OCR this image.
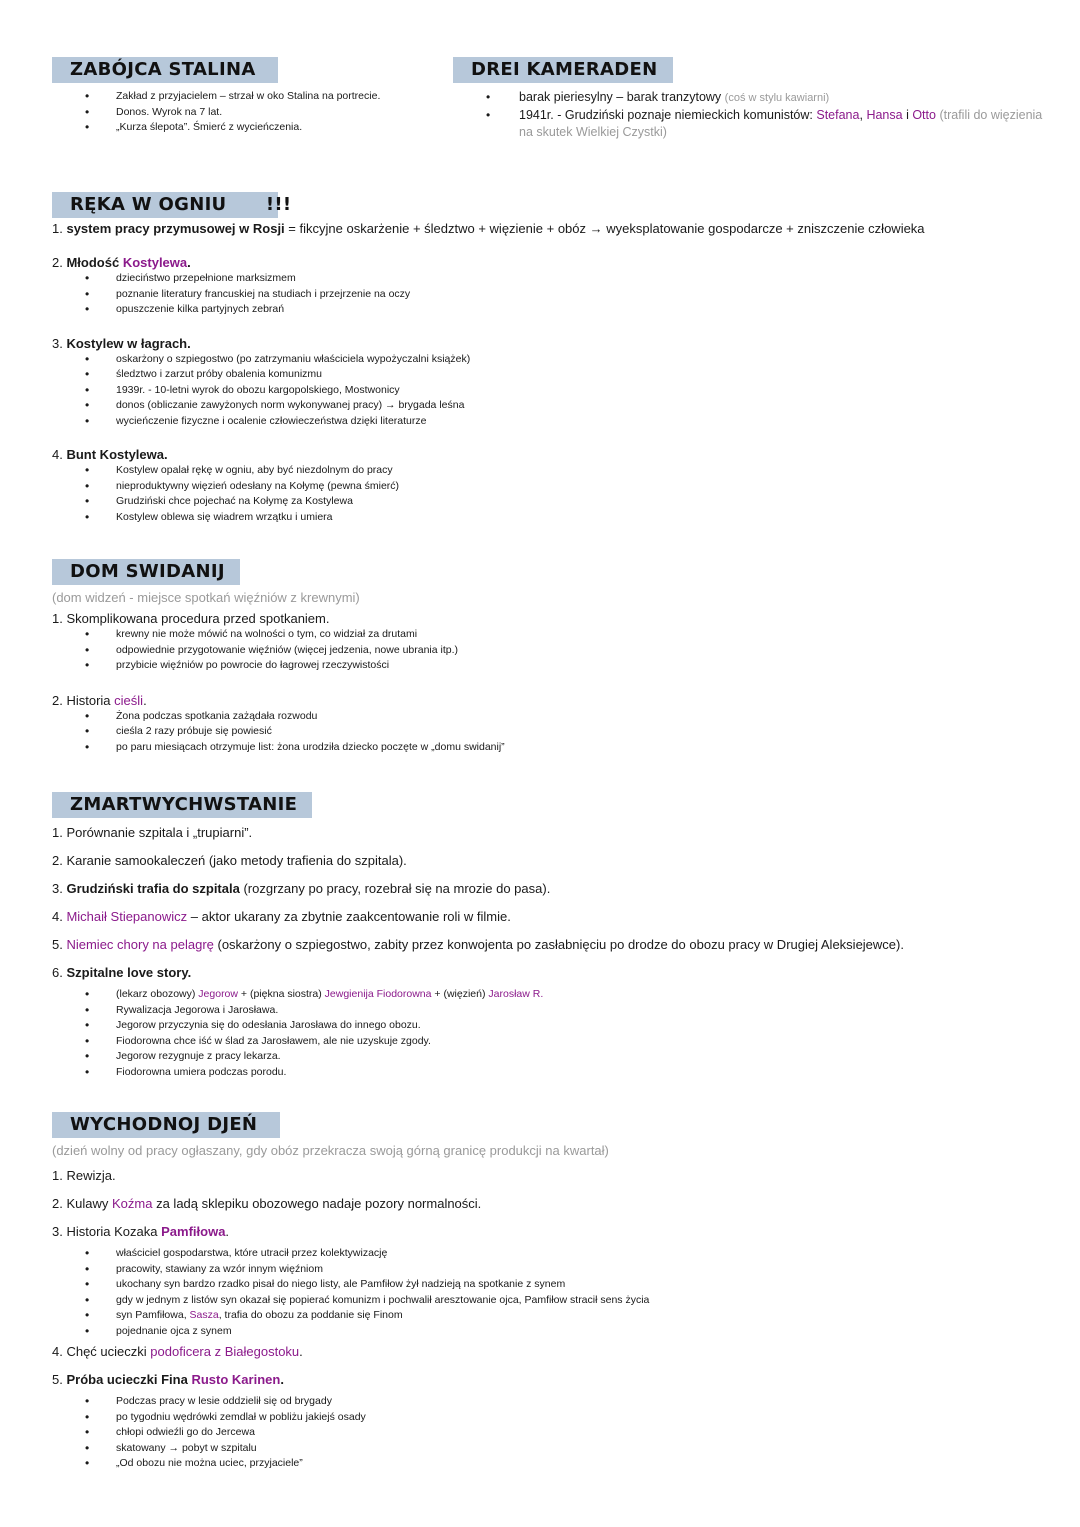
ZABÓJCA STALINA
• Zakład z przyjacielem – strzał w oko Stalina na portrecie.
• Donos. Wyrok na 7 lat.
• „Kurza ślepota”. Śmierć z wycieńczenia.
DREI KAMERADEN
• barak pieriesylny – barak tranzytowy (coś w stylu kawiarni)
• 1941r. - Grudziński poznaje niemieckich komunistów: Stefana, Hansa i Otto (trafili do więzienia na skutek Wielkiej Czystki)
RĘKA W OGNIU      !!!

1. system pracy przymusowej w Rosji = fikcyjne oskarżenie + śledztwo + więzienie + obóz → wyeksplatowanie gospodarcze + zniszczenie człowieka

2. Młodość Kostylewa.

• dzieciństwo przepełnione marksizmem
• poznanie literatury francuskiej na studiach i przejrzenie na oczy
• opuszczenie kilka partyjnych zebrań

3. Kostylew w łagrach.

• oskarżony o szpiegostwo (po zatrzymaniu właściciela wypożyczalni książek)
• śledztwo i zarzut próby obalenia komunizmu
• 1939r. - 10-letni wyrok do obozu kargopolskiego, Mostwonicy
• donos (obliczanie zawyżonych norm wykonywanej pracy) → brygada leśna
• wycieńczenie fizyczne i ocalenie człowieczeństwa dzięki literaturze

4. Bunt Kostylewa.

• Kostylew opalał rękę w ogniu, aby być niezdolnym do pracy
• nieproduktywny więzień odesłany na Kołymę (pewna śmierć)
• Grudziński chce pojechać na Kołymę za Kostylewa
• Kostylew oblewa się wiadrem wrzątku i umiera
DOM SWIDANIJ

(dom widzeń - miejsce spotkań więźniów z krewnymi)

1. Skomplikowana procedura przed spotkaniem.

• krewny nie może mówić na wolności o tym, co widział za drutami
• odpowiednie przygotowanie więźniów (więcej jedzenia, nowe ubrania itp.)
• przybicie więźniów po powrocie do łagrowej rzeczywistości

2. Historia cieśli.

• Żona podczas spotkania zażądała rozwodu
• cieśla 2 razy próbuje się powiesić
• po paru miesiącach otrzymuje list: żona urodziła dziecko poczęte w „domu swidanij”
ZMARTWYCHWSTANIE

1. Porównanie szpitala i „trupiarni”.

2. Karanie samookaleczeń (jako metody trafienia do szpitala).

3. Grudziński trafia do szpitala (rozgrzany po pracy, rozebrał się na mrozie do pasa).

4. Michaił Stiepanowicz – aktor ukarany za zbytnie zaakcentowanie roli w filmie.

5. Niemiec chory na pelagrę (oskarżony o szpiegostwo, zabity przez konwojenta po zasłabnięciu po drodze do obozu pracy w Drugiej Aleksiejewce).

6. Szpitalne love story.

• (lekarz obozowy) Jegorow + (piękna siostra) Jewgienija Fiodorowna + (więzień) Jarosław R.
• Rywalizacja Jegorowa i Jarosława.
• Jegorow przyczynia się do odesłania Jarosława do innego obozu.
• Fiodorowna chce iść w ślad za Jarosławem, ale nie uzyskuje zgody.
• Jegorow rezygnuje z pracy lekarza.
• Fiodorowna umiera podczas porodu.
WYCHODNOJ DJEŃ

(dzień wolny od pracy ogłaszany, gdy obóz przekracza swoją górną granicę produkcji na kwartał)

1. Rewizja.

2. Kulawy Koźma za ladą sklepiku obozowego nadaje pozory normalności.

3. Historia Kozaka Pamfiłowa.

• właściciel gospodarstwa, które utracił przez kolektywizację
• pracowity, stawiany za wzór innym więźniom
• ukochany syn bardzo rzadko pisał do niego listy, ale Pamfiłow żył nadzieją na spotkanie z synem
• gdy w jednym z listów syn okazał się popierać komunizm i pochwalił aresztowanie ojca, Pamfiłow stracił sens życia
• syn Pamfiłowa, Sasza, trafia do obozu za poddanie się Finom
• pojednanie ojca z synem

4. Chęć ucieczki podoficera z Białegostoku.

5. Próba ucieczki Fina Rusto Karinen.

• Podczas pracy w lesie oddzielił się od brygady
• po tygodniu wędrówki zemdlał w pobliżu jakiejś osady
• chłopi odwieźli go do Jercewa
• skatowany → pobyt w szpitalu
• „Od obozu nie można uciec, przyjaciele”
